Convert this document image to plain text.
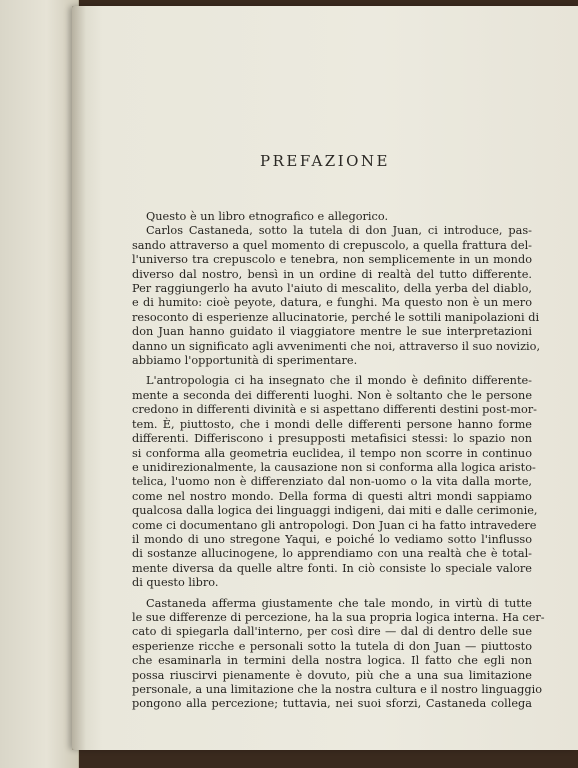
PREFAZIONE
Questo è un libro etnografico e allegorico.
Carlos Castaneda, sotto la tutela di don Juan, ci introduce, pas-
sando attraverso a quel momento di crepuscolo, a quella frattura del-
l'universo tra crepuscolo e tenebra, non semplicemente in un mondo
diverso dal nostro, bensì in un ordine di realtà del tutto differente.
Per raggiungerlo ha avuto l'aiuto di mescalito, della yerba del diablo,
e di humito: cioè peyote, datura, e funghi. Ma questo non è un mero
resoconto di esperienze allucinatorie, perché le sottili manipolazioni di
don Juan hanno guidato il viaggiatore mentre le sue interpretazioni
danno un significato agli avvenimenti che noi, attraverso il suo novizio,
abbiamo l'opportunità di sperimentare.
L'antropologia ci ha insegnato che il mondo è definito differente-
mente a seconda dei differenti luoghi. Non è soltanto che le persone
credono in differenti divinità e si aspettano differenti destini post-mor-
tem. È, piuttosto, che i mondi delle differenti persone hanno forme
differenti. Differiscono i presupposti metafisici stessi: lo spazio non
si conforma alla geometria euclidea, il tempo non scorre in continuo
e unidirezionalmente, la causazione non si conforma alla logica aristo-
telica, l'uomo non è differenziato dal non-uomo o la vita dalla morte,
come nel nostro mondo. Della forma di questi altri mondi sappiamo
qualcosa dalla logica dei linguaggi indigeni, dai miti e dalle cerimonie,
come ci documentano gli antropologi. Don Juan ci ha fatto intravedere
il mondo di uno stregone Yaqui, e poiché lo vediamo sotto l'influsso
di sostanze allucinogene, lo apprendiamo con una realtà che è total-
mente diversa da quelle altre fonti. In ciò consiste lo speciale valore
di questo libro.
Castaneda afferma giustamente che tale mondo, in virtù di tutte
le sue differenze di percezione, ha la sua propria logica interna. Ha cer-
cato di spiegarla dall'interno, per così dire — dal di dentro delle sue
esperienze ricche e personali sotto la tutela di don Juan — piuttosto
che esaminarla in termini della nostra logica. Il fatto che egli non
possa riuscirvi pienamente è dovuto, più che a una sua limitazione
personale, a una limitazione che la nostra cultura e il nostro linguaggio
pongono alla percezione; tuttavia, nei suoi sforzi, Castaneda collega
